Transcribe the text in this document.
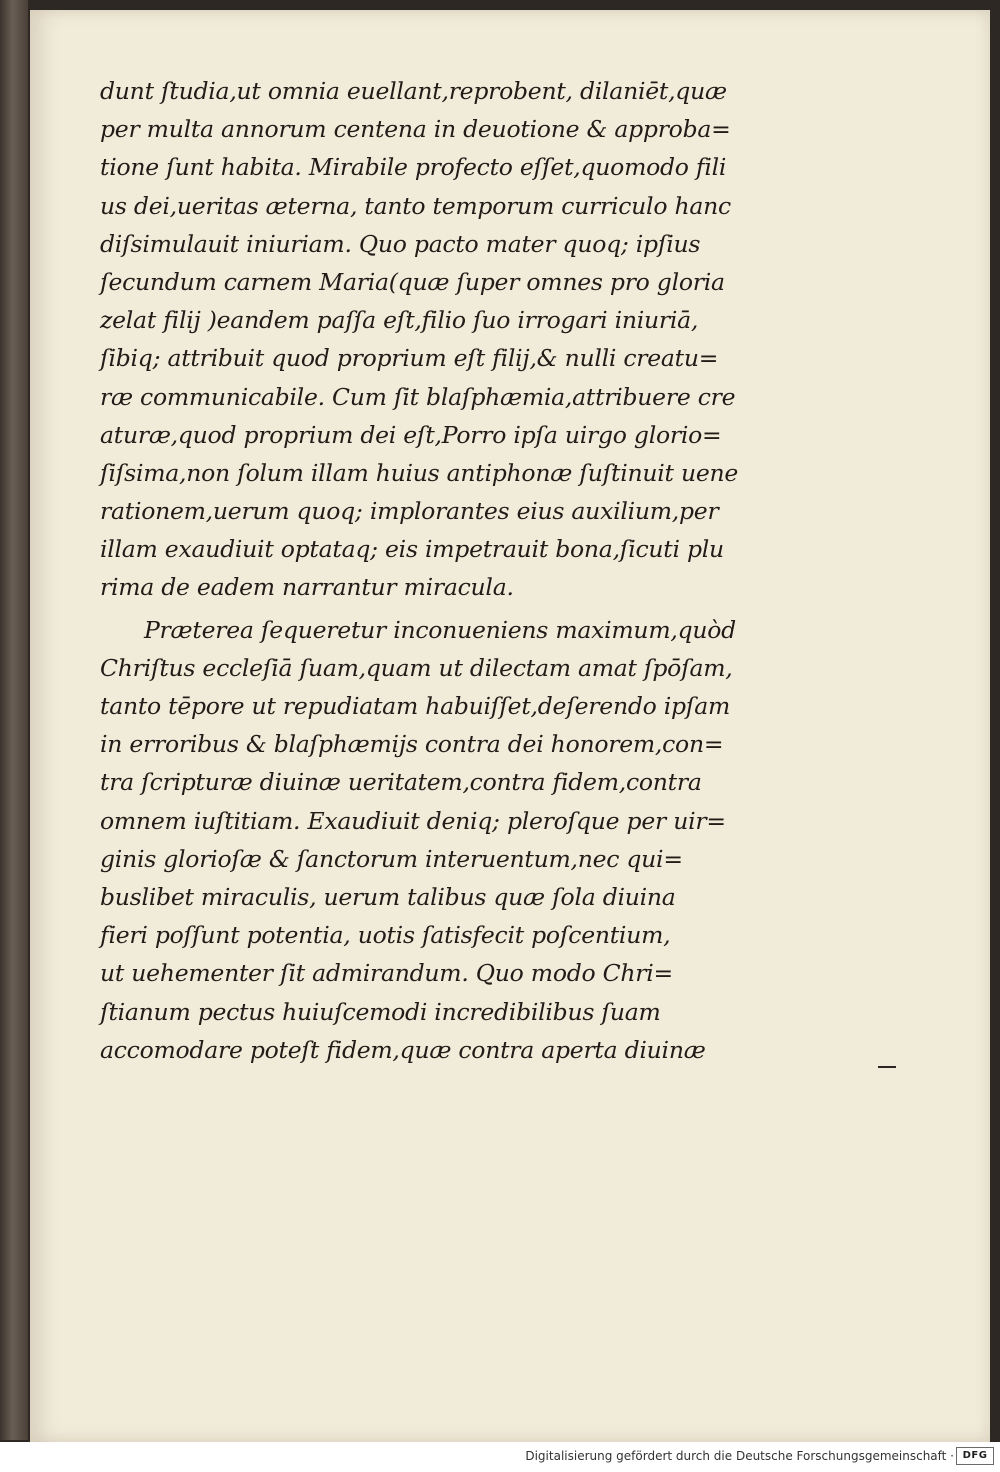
dunt ſtudia,ut omnia euellant,reprobent, dilaniēt,quæ
per multa annorum centena in deuotione & approba=
tione ſunt habita. Mirabile profecto eſſet,quomodo fili
us dei,ueritas æterna, tanto temporum curriculo hanc
diſsimulauit iniuriam. Quo pacto mater quoq; ipſius
ſecundum carnem Maria(quæ ſuper omnes pro gloria
zelat filij )eandem paſſa eſt,filio ſuo irrogari iniuriā,
ſibiq; attribuit quod proprium eſt filij,& nulli creatu=
ræ communicabile. Cum ſit blaſphæmia,attribuere cre
aturæ,quod proprium dei eſt,Porro ipſa uirgo glorio=
ſiſsima,non ſolum illam huius antiphonæ ſuſtinuit uene
rationem,uerum quoq; implorantes eius auxilium,per
illam exaudiuit optataq; eis impetrauit bona,ſicuti plu
rima de eadem narrantur miracula.
Præterea ſequeretur inconueniens maximum,quòd
Chriſtus eccleſiā ſuam,quam ut dilectam amat ſpōſam,
tanto tēpore ut repudiatam habuiſſet,deſerendo ipſam
in erroribus & blaſphæmijs contra dei honorem,con=
tra ſcripturæ diuinæ ueritatem,contra fidem,contra
omnem iuſtitiam. Exaudiuit deniq; pleroſque per uir=
ginis glorioſæ & ſanctorum interuentum,nec qui=
buslibet miraculis, uerum talibus quæ ſola diuina
fieri poſſunt potentia, uotis ſatisfecit poſcentium,
ut uehementer ſit admirandum. Quo modo Chri=
ſtianum pectus huiuſcemodi incredibilibus ſuam
accomodare poteſt fidem,quæ contra aperta diuinæ
Digitalisierung gefördert durch die Deutsche Forschungsgemeinschaft · DFG
